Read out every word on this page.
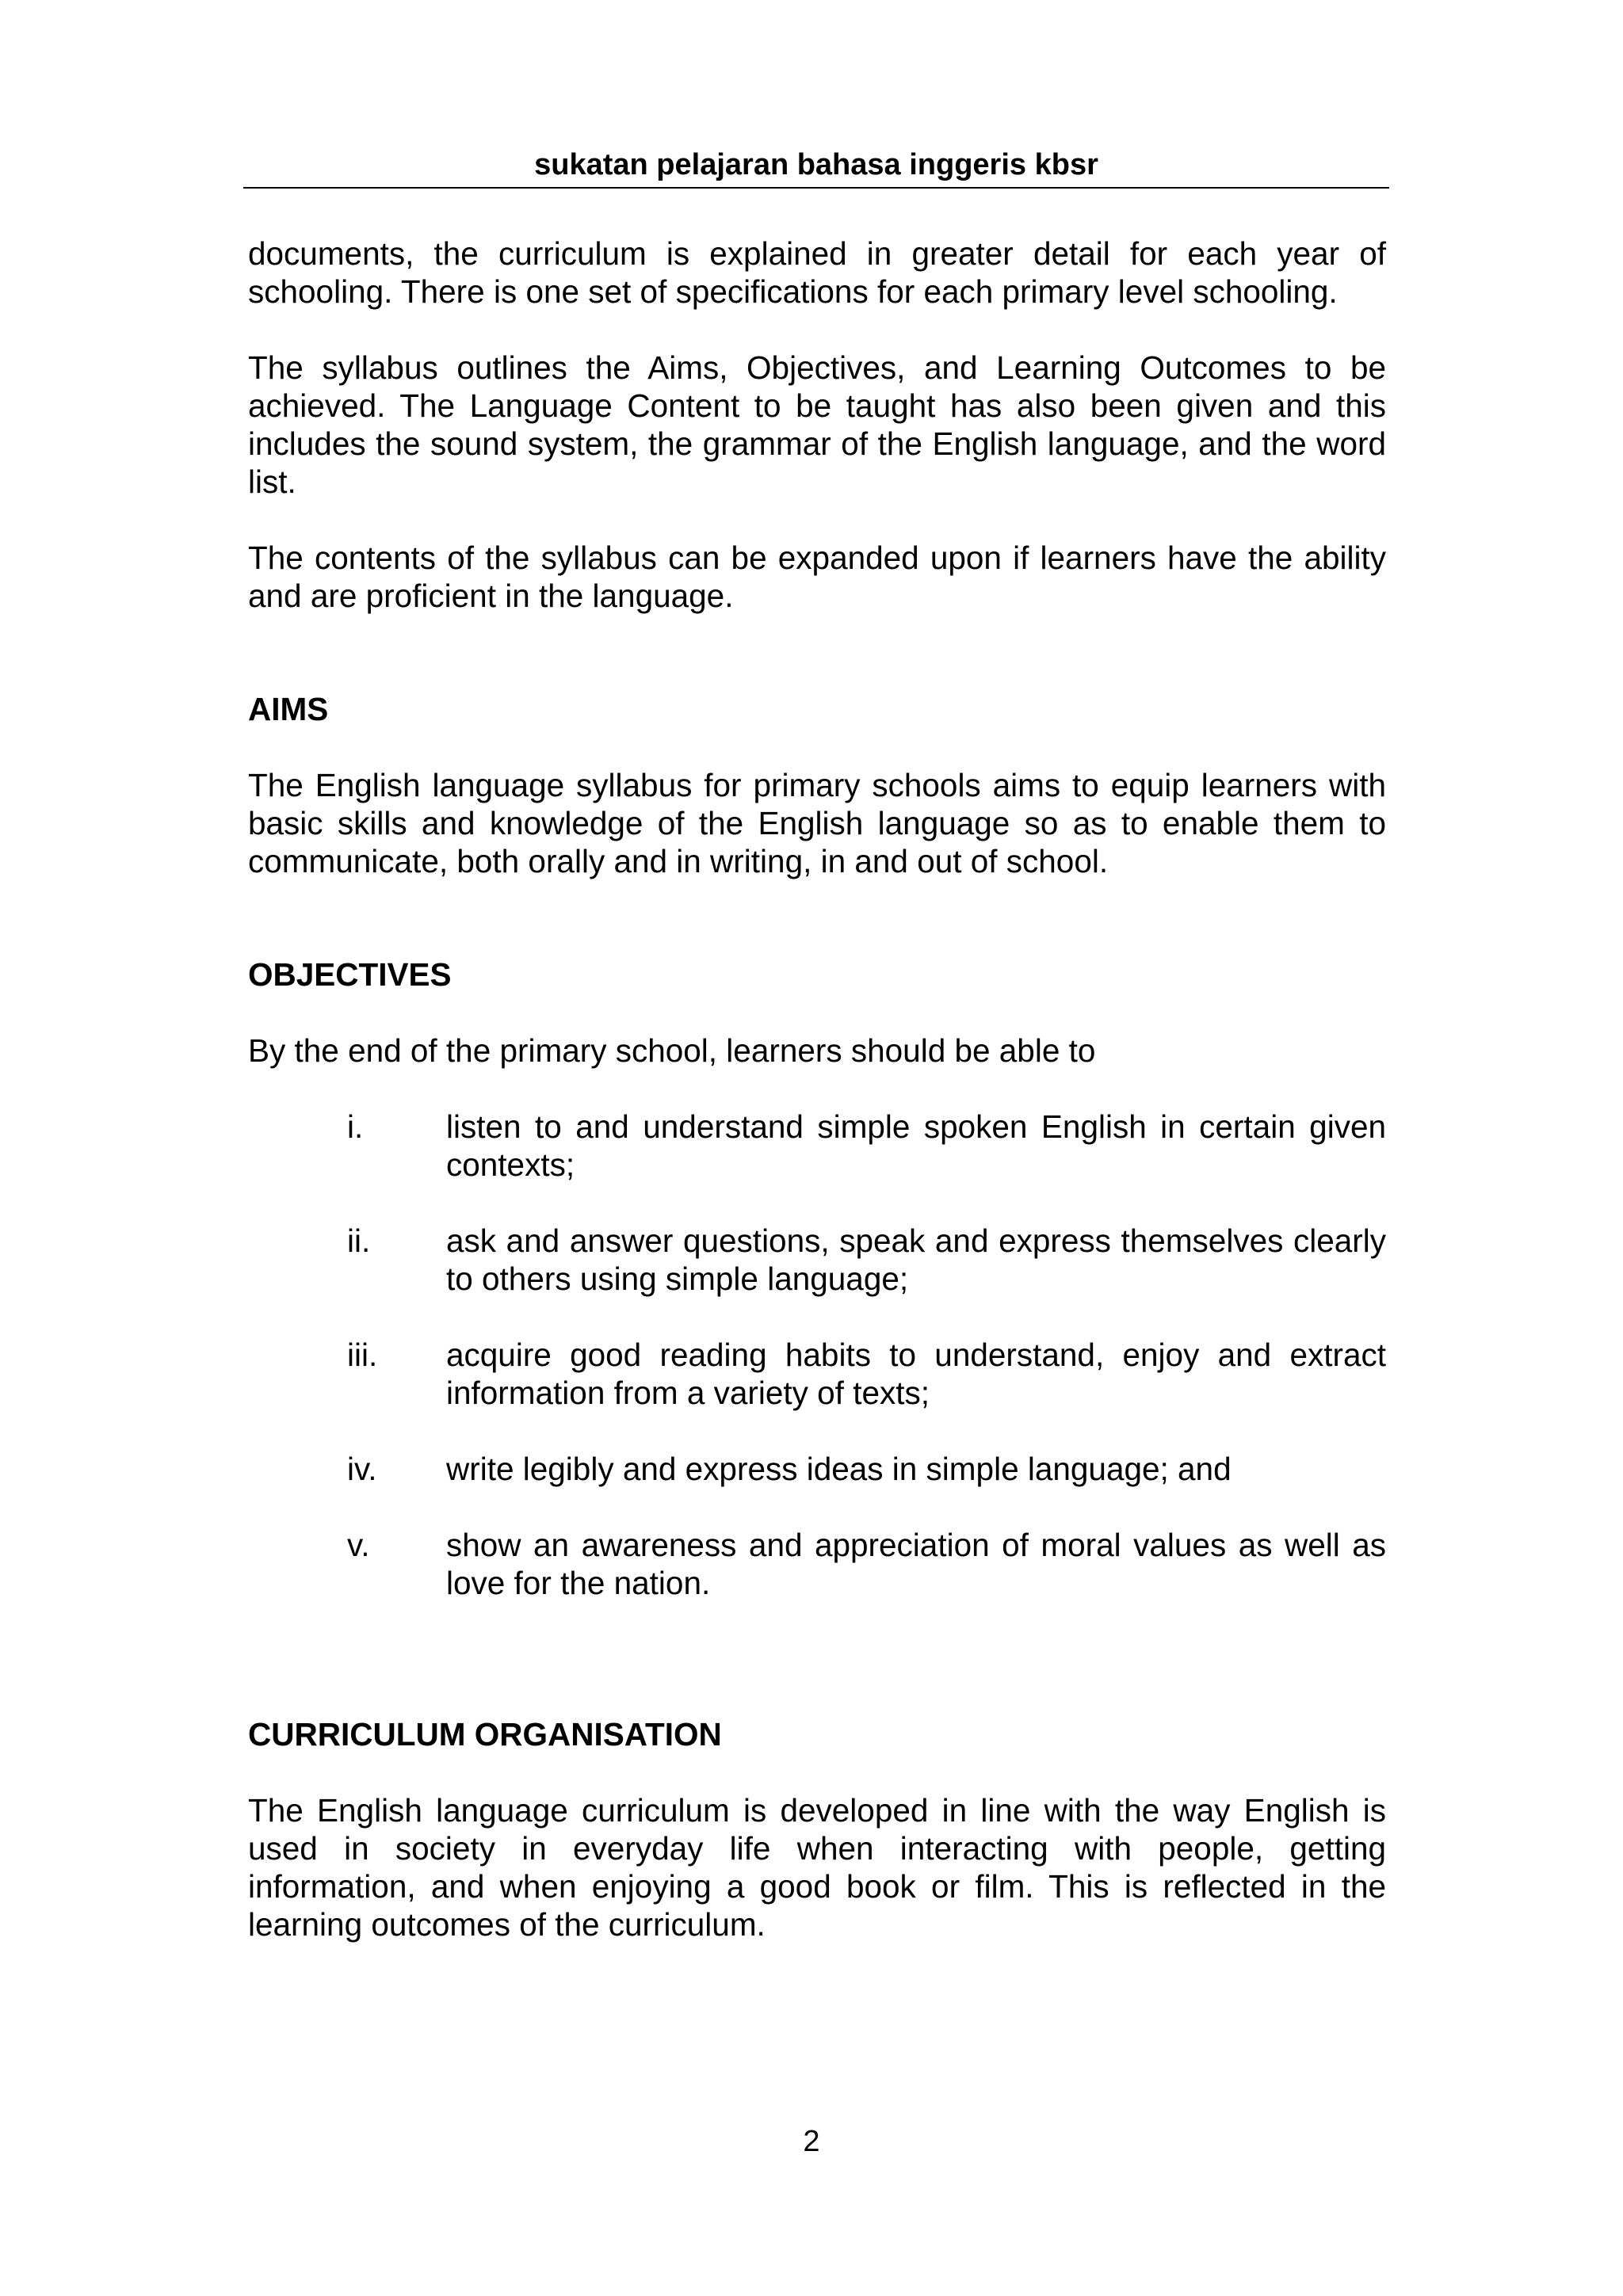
sukatan pelajaran bahasa inggeris kbsr

documents, the curriculum is explained in greater detail for each year of schooling. There is one set of specifications for each primary level schooling.

The syllabus outlines the Aims, Objectives, and Learning Outcomes to be achieved. The Language Content to be taught has also been given and this includes the sound system, the grammar of the English language, and the word list.

The contents of the syllabus can be expanded upon if learners have the ability and are proficient in the language.

AIMS

The English language syllabus for primary schools aims to equip learners with basic skills and knowledge of the English language so as to enable them to communicate, both orally and in writing, in and out of school.

OBJECTIVES

By the end of the primary school, learners should be able to

i.	listen to and understand simple spoken English in certain given contexts;
ii.	ask and answer questions, speak and express themselves clearly to others using simple language;
iii.	acquire good reading habits to understand, enjoy and extract information from a variety of texts;
iv.	write legibly and express ideas in simple language; and
v.	show an awareness and appreciation of moral values as well as love for the nation.

CURRICULUM ORGANISATION

The English language curriculum is developed in line with the way English is used in society in everyday life when interacting with people, getting information, and when enjoying a good book or film. This is reflected in the learning outcomes of the curriculum.

2
